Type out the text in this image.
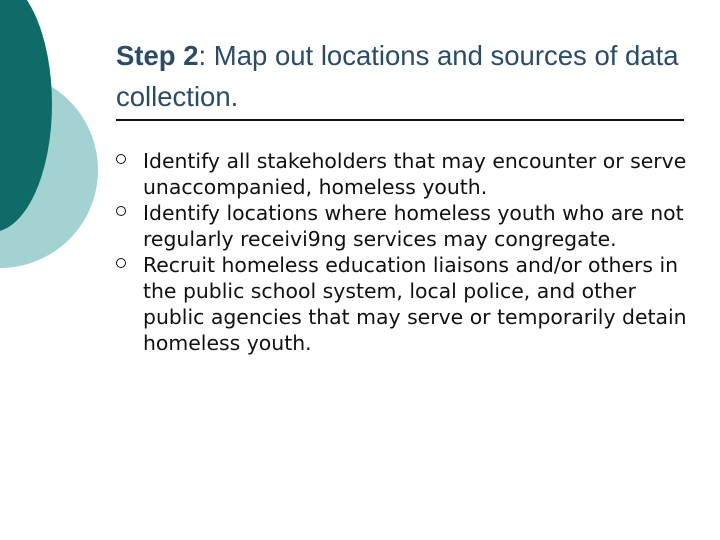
Step 2: Map out locations and sources of data collection.
Identify all stakeholders that may encounter or serve unaccompanied, homeless youth.
Identify locations where homeless youth who are not regularly receivi9ng services may congregate.
Recruit homeless education liaisons and/or others in the public school system, local police, and other public agencies that may serve or temporarily detain homeless youth.
